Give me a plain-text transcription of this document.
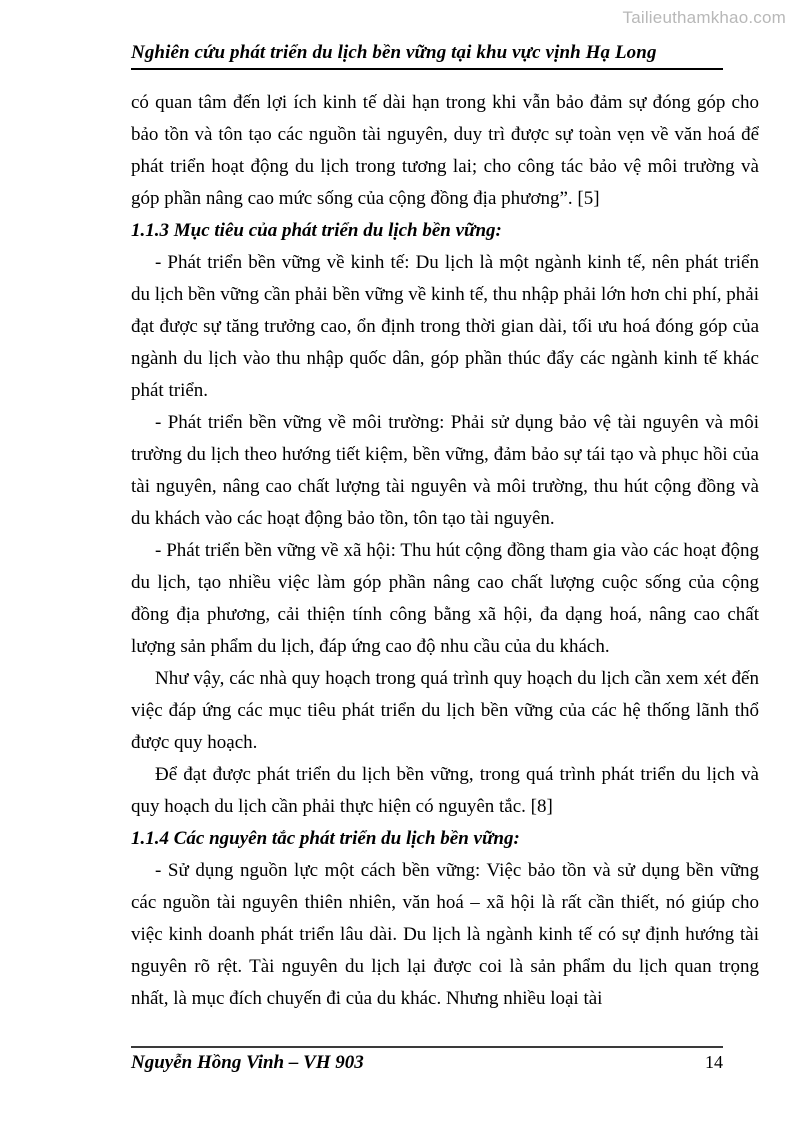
Tailieuthamkhao.com
Nghiên cứu phát triển du lịch bền vững tại khu vực vịnh Hạ Long

có quan tâm đến lợi ích kinh tế dài hạn trong khi vẫn bảo đảm sự đóng góp cho bảo tồn và tôn tạo các nguồn tài nguyên, duy trì được sự toàn vẹn về văn hoá để phát triển hoạt động du lịch trong tương lai; cho công tác bảo vệ môi trường và góp phần nâng cao mức sống của cộng đồng địa phương”. [5]

1.1.3 Mục tiêu của phát triển du lịch bền vững:

- Phát triển bền vững về kinh tế: Du lịch là một ngành kinh tế, nên phát triển du lịch bền vững cần phải bền vững về kinh tế, thu nhập phải lớn hơn chi phí, phải đạt được sự tăng trưởng cao, ổn định trong thời gian dài, tối ưu hoá đóng góp của ngành du lịch vào thu nhập quốc dân, góp phần thúc đẩy các ngành kinh tế khác phát triển.

- Phát triển bền vững về môi trường: Phải sử dụng bảo vệ tài nguyên và môi trường du lịch theo hướng tiết kiệm, bền vững, đảm bảo sự tái tạo và phục hồi của tài nguyên, nâng cao chất lượng tài nguyên và môi trường, thu hút cộng đồng và du khách vào các hoạt động bảo tồn, tôn tạo tài nguyên.

- Phát triển bền vững về xã hội: Thu hút cộng đồng tham gia vào các hoạt động du lịch, tạo nhiều việc làm góp phần nâng cao chất lượng cuộc sống của cộng đồng địa phương, cải thiện tính công bằng xã hội, đa dạng hoá, nâng cao chất lượng sản phẩm du lịch, đáp ứng cao độ nhu cầu của du khách.

Như vậy, các nhà quy hoạch trong quá trình quy hoạch du lịch cần xem xét đến việc đáp ứng các mục tiêu phát triển du lịch bền vững của các hệ thống lãnh thổ được quy hoạch.

Để đạt được phát triển du lịch bền vững, trong quá trình phát triển du lịch và quy hoạch du lịch cần phải thực hiện có nguyên tắc. [8]

1.1.4 Các nguyên tắc phát triển du lịch bền vững:

- Sử dụng nguồn lực một cách bền vững: Việc bảo tồn và sử dụng bền vững các nguồn tài nguyên thiên nhiên, văn hoá – xã hội là rất cần thiết, nó giúp cho việc kinh doanh phát triển lâu dài. Du lịch là ngành kinh tế có sự định hướng tài nguyên rõ rệt. Tài nguyên du lịch lại được coi là sản phẩm du lịch quan trọng nhất, là mục đích chuyến đi của du khác. Nhưng nhiều loại tài

Nguyễn Hồng Vinh – VH 903	14
